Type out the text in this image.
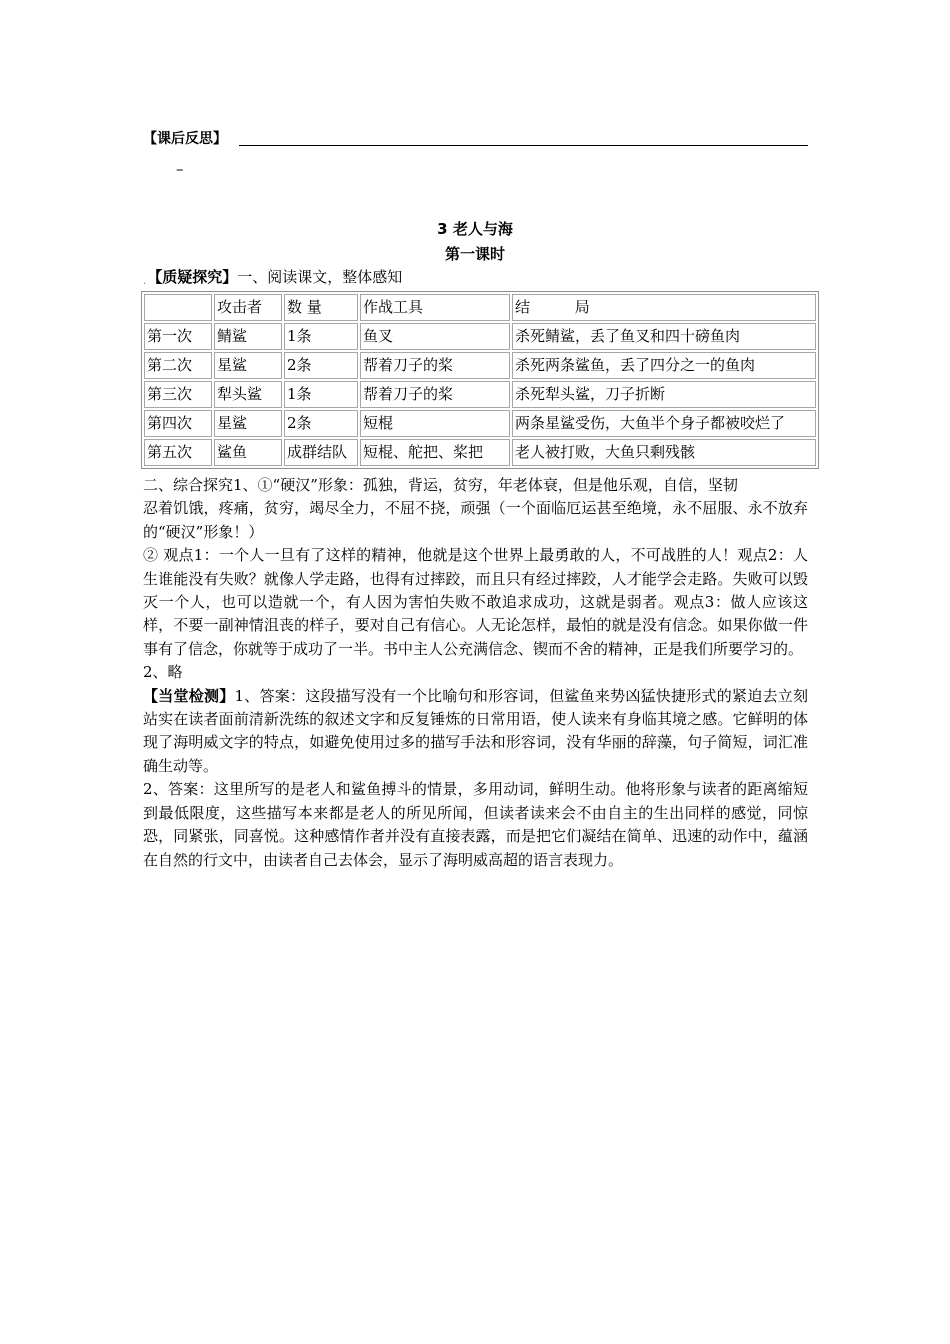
【课后反思】
–
3 老人与海
第一课时
.【质疑探究】一、阅读课文，整体感知
	攻击者	数 量	作战工具	结 局
第一次	鲭鲨	1条	鱼叉	杀死鲭鲨，丢了鱼叉和四十磅鱼肉
第二次	星鲨	2条	帮着刀子的桨	杀死两条鲨鱼，丢了四分之一的鱼肉
第三次	犁头鲨	1条	帮着刀子的桨	杀死犁头鲨，刀子折断
第四次	星鲨	2条	短棍	两条星鲨受伤，大鱼半个身子都被咬烂了
第五次	鲨鱼	成群结队	短棍、舵把、桨把	老人被打败，大鱼只剩残骸

二、综合探究1、①“硬汉”形象：孤独，背运，贫穷，年老体衰，但是他乐观，自信，坚韧

忍着饥饿，疼痛，贫穷，竭尽全力，不屈不挠，顽强（一个面临厄运甚至绝境，永不屈服、永不放弃的“硬汉”形象！）

② 观点1：一个人一旦有了这样的精神，他就是这个世界上最勇敢的人，不可战胜的人！观点2：人生谁能没有失败？就像人学走路，也得有过摔跤，而且只有经过摔跤，人才能学会走路。失败可以毁灭一个人，也可以造就一个，有人因为害怕失败不敢追求成功，这就是弱者。观点3：做人应该这样，不要一副神情沮丧的样子，要对自己有信心。人无论怎样，最怕的就是没有信念。如果你做一件事有了信念，你就等于成功了一半。书中主人公充满信念、锲而不舍的精神，正是我们所要学习的。

2、略

【当堂检测】1、答案：这段描写没有一个比喻句和形容词，但鲨鱼来势凶猛快捷形式的紧迫去立刻站实在读者面前清新洗练的叙述文字和反复锤炼的日常用语，使人读来有身临其境之感。它鲜明的体现了海明威文字的特点，如避免使用过多的描写手法和形容词，没有华丽的辞藻，句子简短，词汇准确生动等。

2、答案：这里所写的是老人和鲨鱼搏斗的情景，多用动词，鲜明生动。他将形象与读者的距离缩短到最低限度，这些描写本来都是老人的所见所闻，但读者读来会不由自主的生出同样的感觉，同惊恐，同紧张，同喜悦。这种感情作者并没有直接表露，而是把它们凝结在简单、迅速的动作中，蕴涵在自然的行文中，由读者自己去体会，显示了海明威高超的语言表现力。
